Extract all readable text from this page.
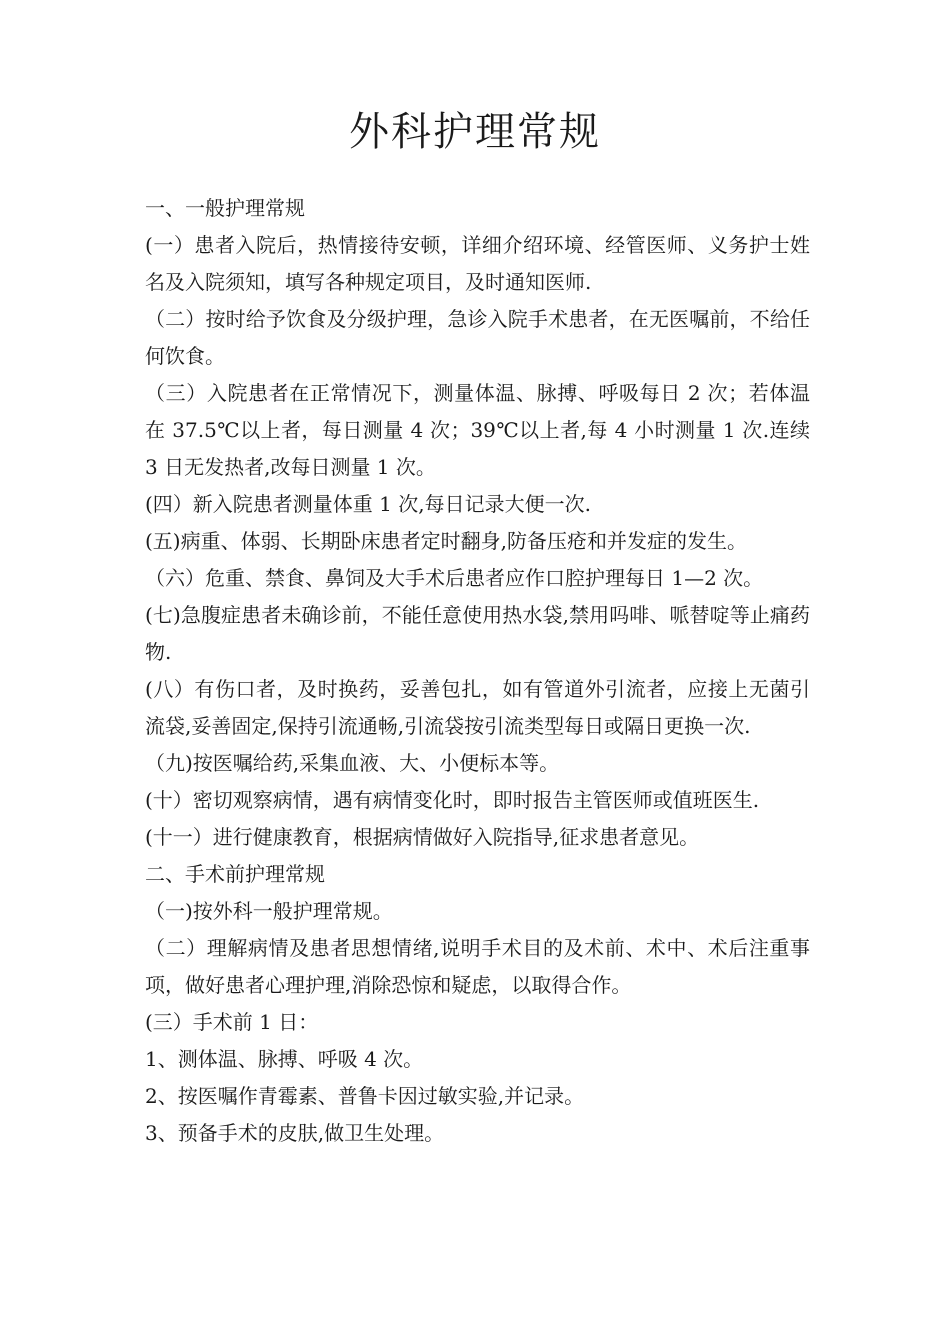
外科护理常规

一、一般护理常规

(一）患者入院后，热情接待安顿，详细介绍环境、经管医师、义务护士姓名及入院须知，填写各种规定项目，及时通知医师.

（二）按时给予饮食及分级护理，急诊入院手术患者，在无医嘱前，不给任何饮食。

（三）入院患者在正常情况下，测量体温、脉搏、呼吸每日 2 次；若体温在 37.5℃以上者，每日测量 4 次；39℃以上者,每 4 小时测量 1 次.连续 3 日无发热者,改每日测量 1 次。

(四）新入院患者测量体重 1 次,每日记录大便一次.

(五)病重、体弱、长期卧床患者定时翻身,防备压疮和并发症的发生。

（六）危重、禁食、鼻饲及大手术后患者应作口腔护理每日 1—2 次。

(七)急腹症患者未确诊前，不能任意使用热水袋,禁用吗啡、哌替啶等止痛药物.

(八）有伤口者，及时换药，妥善包扎，如有管道外引流者，应接上无菌引流袋,妥善固定,保持引流通畅,引流袋按引流类型每日或隔日更换一次.

（九)按医嘱给药,采集血液、大、小便标本等。

(十）密切观察病情，遇有病情变化时，即时报告主管医师或值班医生.

(十一）进行健康教育，根据病情做好入院指导,征求患者意见。

二、手术前护理常规

（一)按外科一般护理常规。

（二）理解病情及患者思想情绪,说明手术目的及术前、术中、术后注重事项，做好患者心理护理,消除恐惊和疑虑，以取得合作。

(三）手术前 1 日：

1、测体温、脉搏、呼吸 4 次。

2、按医嘱作青霉素、普鲁卡因过敏实验,并记录。

3、预备手术的皮肤,做卫生处理。
